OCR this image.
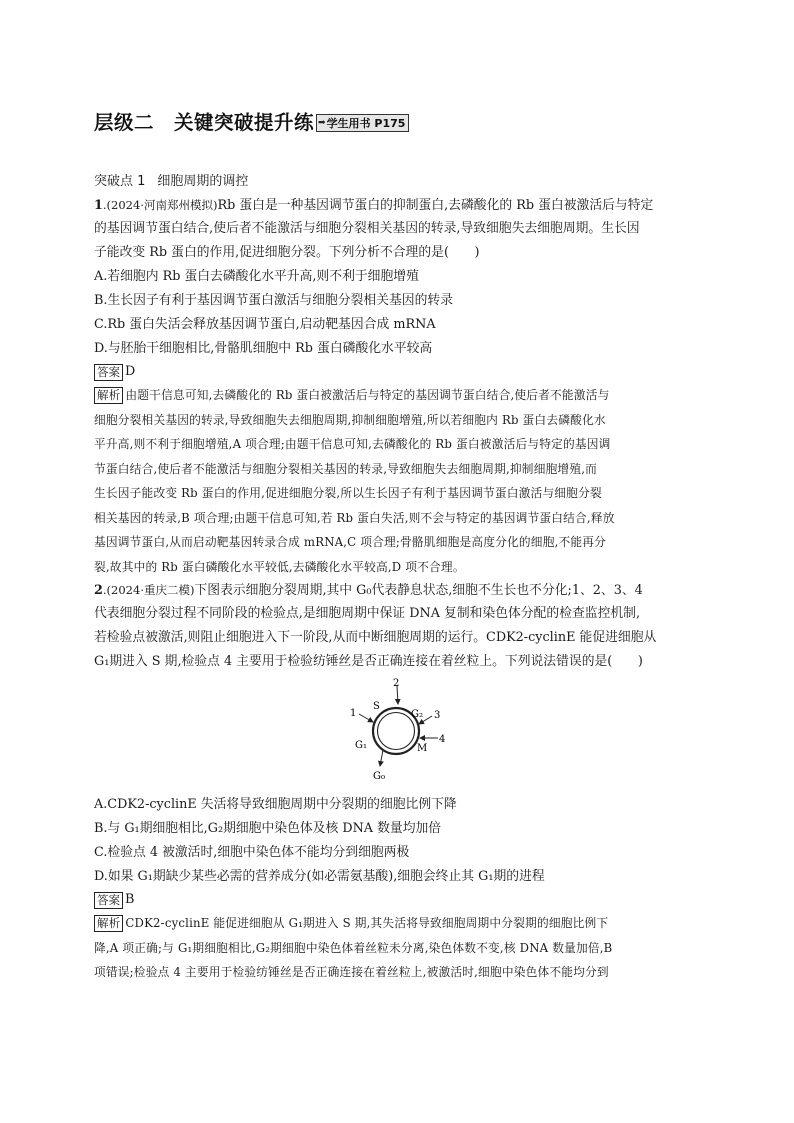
层级二　关键突破提升练 ➡ 学生用书 P175
突破点 1 细胞周期的调控
1.(2024·河南郑州模拟)Rb 蛋白是一种基因调节蛋白的抑制蛋白,去磷酸化的 Rb 蛋白被激活后与特定
的基因调节蛋白结合,使后者不能激活与细胞分裂相关基因的转录,导致细胞失去细胞周期。生长因
子能改变 Rb 蛋白的作用,促进细胞分裂。下列分析不合理的是(　　)
A.若细胞内 Rb 蛋白去磷酸化水平升高,则不利于细胞增殖
B.生长因子有利于基因调节蛋白激活与细胞分裂相关基因的转录
C.Rb 蛋白失活会释放基因调节蛋白,启动靶基因合成 mRNA
D.与胚胎干细胞相比,骨骼肌细胞中 Rb 蛋白磷酸化水平较高
答案 D
解析 由题干信息可知,去磷酸化的 Rb 蛋白被激活后与特定的基因调节蛋白结合,使后者不能激活与
细胞分裂相关基因的转录,导致细胞失去细胞周期,抑制细胞增殖,所以若细胞内 Rb 蛋白去磷酸化水
平升高,则不利于细胞增殖,A 项合理;由题干信息可知,去磷酸化的 Rb 蛋白被激活后与特定的基因调
节蛋白结合,使后者不能激活与细胞分裂相关基因的转录,导致细胞失去细胞周期,抑制细胞增殖,而
生长因子能改变 Rb 蛋白的作用,促进细胞分裂,所以生长因子有利于基因调节蛋白激活与细胞分裂
相关基因的转录,B 项合理;由题干信息可知,若 Rb 蛋白失活,则不会与特定的基因调节蛋白结合,释放
基因调节蛋白,从而启动靶基因转录合成 mRNA,C 项合理;骨骼肌细胞是高度分化的细胞,不能再分
裂,故其中的 Rb 蛋白磷酸化水平较低,去磷酸化水平较高,D 项不合理。
2.(2024·重庆二模)下图表示细胞分裂周期,其中 G₀代表静息状态,细胞不生长也不分化;1、2、3、4
代表细胞分裂过程不同阶段的检验点,是细胞周期中保证 DNA 复制和染色体分配的检查监控机制,
若检验点被激活,则阻止细胞进入下一阶段,从而中断细胞周期的运行。CDK2-cyclinE 能促进细胞从
G₁期进入 S 期,检验点 4 主要用于检验纺锤丝是否正确连接在着丝粒上。下列说法错误的是(　　)
2
S
1	G₂ 3
4
M
G₁
G₀
A.CDK2-cyclinE 失活将导致细胞周期中分裂期的细胞比例下降
B.与 G₁期细胞相比,G₂期细胞中染色体及核 DNA 数量均加倍
C.检验点 4 被激活时,细胞中染色体不能均分到细胞两极
D.如果 G₁期缺少某些必需的营养成分(如必需氨基酸),细胞会终止其 G₁期的进程
答案 B
解析 CDK2-cyclinE 能促进细胞从 G₁期进入 S 期,其失活将导致细胞周期中分裂期的细胞比例下
降,A 项正确;与 G₁期细胞相比,G₂期细胞中染色体着丝粒未分离,染色体数不变,核 DNA 数量加倍,B
项错误;检验点 4 主要用于检验纺锤丝是否正确连接在着丝粒上,被激活时,细胞中染色体不能均分到
